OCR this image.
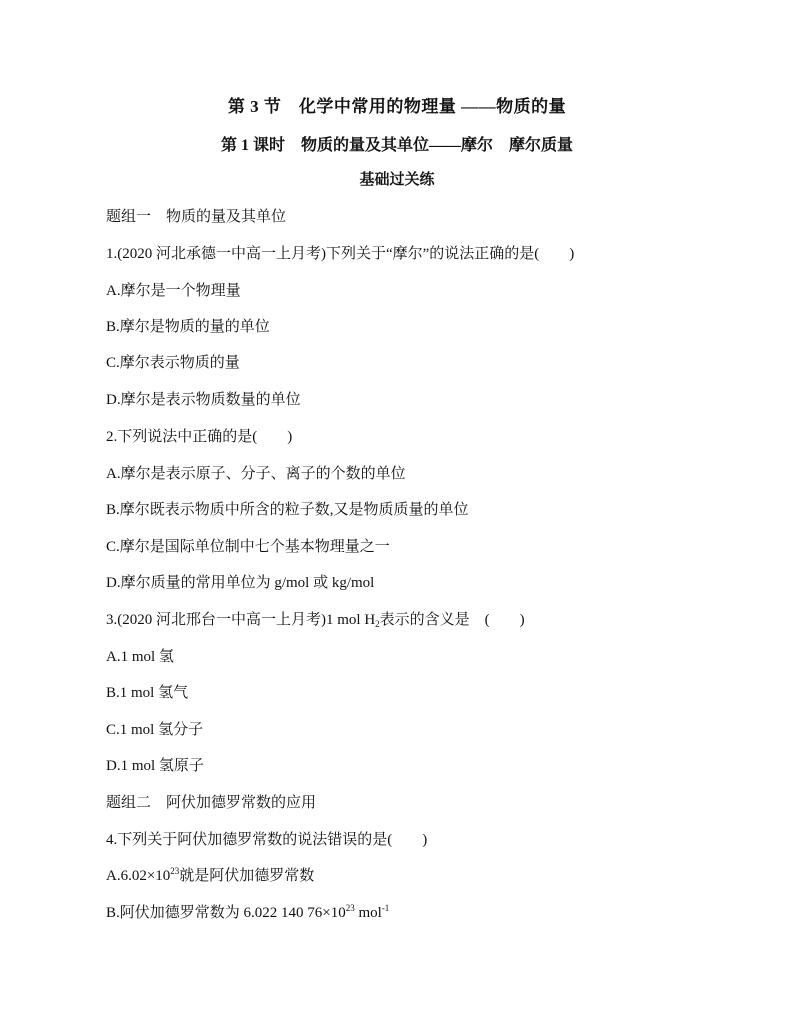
第 3 节　化学中常用的物理量 ——物质的量
第 1 课时　物质的量及其单位——摩尔　摩尔质量
基础过关练
题组一　物质的量及其单位
1.(2020 河北承德一中高一上月考)下列关于“摩尔”的说法正确的是(　　)
A.摩尔是一个物理量
B.摩尔是物质的量的单位
C.摩尔表示物质的量
D.摩尔是表示物质数量的单位
2.下列说法中正确的是(　　)
A.摩尔是表示原子、分子、离子的个数的单位
B.摩尔既表示物质中所含的粒子数,又是物质质量的单位
C.摩尔是国际单位制中七个基本物理量之一
D.摩尔质量的常用单位为 g/mol 或 kg/mol
3.(2020 河北邢台一中高一上月考)1 mol $H_2$表示的含义是　(　　)
A.1 mol 氢
B.1 mol 氢气
C.1 mol 氢分子
D.1 mol 氢原子
题组二　阿伏加德罗常数的应用
4.下列关于阿伏加德罗常数的说法错误的是(　　)
$A.6.02\times 10^{23}$就是阿伏加德罗常数
B.阿伏加德罗常数为 6.022 140 $76\times 10^{23}$ mol$^{-1}$
